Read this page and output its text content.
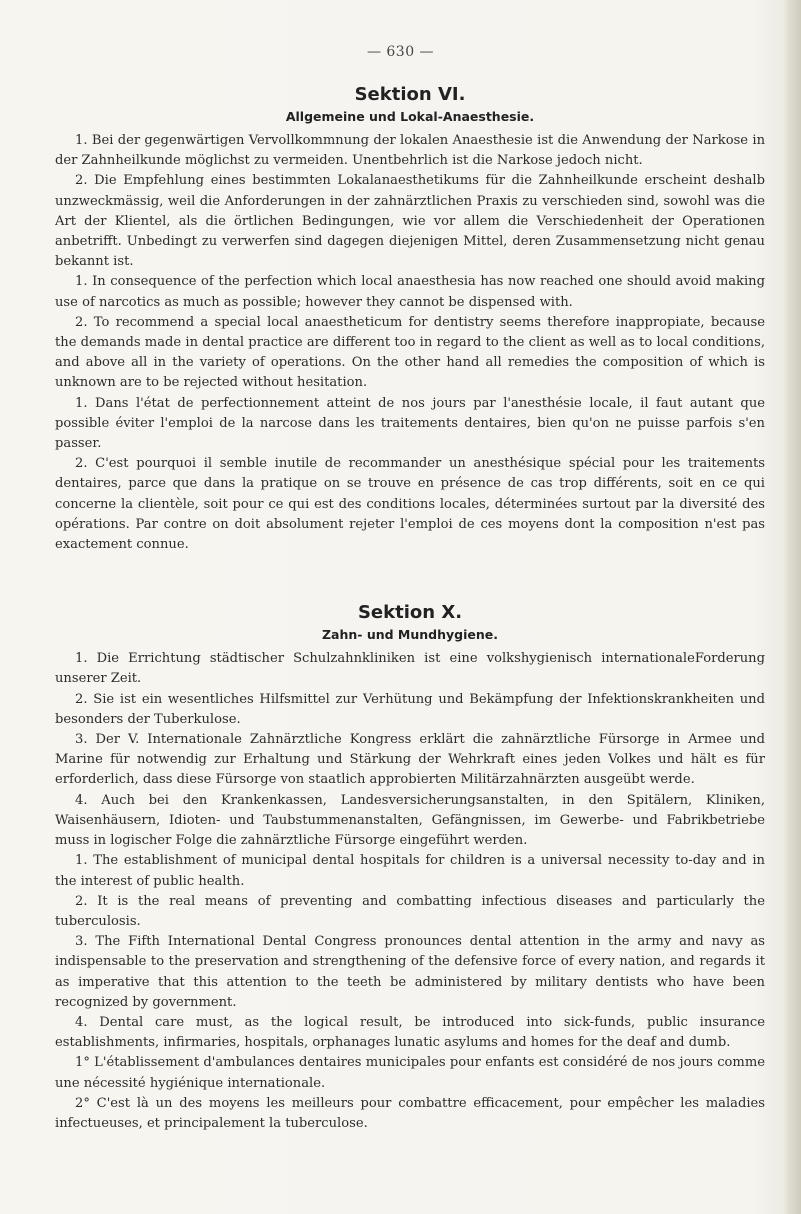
— 630 —
Sektion VI.
Allgemeine und Lokal-Anaesthesie.

1. Bei der gegenwärtigen Vervollkommnung der lokalen Anaesthesie ist die Anwendung der Narkose in der Zahnheilkunde möglichst zu vermeiden. Unentbehrlich ist die Narkose jedoch nicht.

2. Die Empfehlung eines bestimmten Lokalanaesthetikums für die Zahnheilkunde erscheint deshalb unzweckmässig, weil die Anforderungen in der zahnärztlichen Praxis zu verschieden sind, sowohl was die Art der Klientel, als die örtlichen Bedingungen, wie vor allem die Verschiedenheit der Operationen anbetrifft. Unbedingt zu verwerfen sind dagegen diejenigen Mittel, deren Zusammensetzung nicht genau bekannt ist.

1. In consequence of the perfection which local anaesthesia has now reached one should avoid making use of narcotics as much as possible; however they cannot be dispensed with.

2. To recommend a special local anaestheticum for dentistry seems therefore inappropiate, because the demands made in dental practice are different too in regard to the client as well as to local conditions, and above all in the variety of operations. On the other hand all remedies the composition of which is unknown are to be rejected without hesitation.

1. Dans l'état de perfectionnement atteint de nos jours par l'anesthésie locale, il faut autant que possible éviter l'emploi de la narcose dans les traitements dentaires, bien qu'on ne puisse parfois s'en passer.

2. C'est pourquoi il semble inutile de recommander un anesthésique spécial pour les traitements dentaires, parce que dans la pratique on se trouve en présence de cas trop différents, soit en ce qui concerne la clientèle, soit pour ce qui est des conditions locales, déterminées surtout par la diversité des opérations. Par contre on doit absolument rejeter l'emploi de ces moyens dont la composition n'est pas exactement connue.

Sektion X.
Zahn- und Mundhygiene.

1. Die Errichtung städtischer Schulzahnkliniken ist eine volkshygienisch internationaleForderung unserer Zeit.

2. Sie ist ein wesentliches Hilfsmittel zur Verhütung und Bekämpfung der Infektionskrankheiten und besonders der Tuberkulose.

3. Der V. Internationale Zahnärztliche Kongress erklärt die zahnärztliche Fürsorge in Armee und Marine für notwendig zur Erhaltung und Stärkung der Wehrkraft eines jeden Volkes und hält es für erforderlich, dass diese Fürsorge von staatlich approbierten Militärzahnärzten ausgeübt werde.

4. Auch bei den Krankenkassen, Landesversicherungsanstalten, in den Spitälern, Kliniken, Waisenhäusern, Idioten- und Taubstummenanstalten, Gefängnissen, im Gewerbe- und Fabrikbetriebe muss in logischer Folge die zahnärztliche Fürsorge eingeführt werden.

1. The establishment of municipal dental hospitals for children is a universal necessity to-day and in the interest of public health.

2. It is the real means of preventing and combatting infectious diseases and particularly the tuberculosis.

3. The Fifth International Dental Congress pronounces dental attention in the army and navy as indispensable to the preservation and strengthening of the defensive force of every nation, and regards it as imperative that this attention to the teeth be administered by military dentists who have been recognized by government.

4. Dental care must, as the logical result, be introduced into sick-funds, public insurance establishments, infirmaries, hospitals, orphanages lunatic asylums and homes for the deaf and dumb.

1° L'établissement d'ambulances dentaires municipales pour enfants est considéré de nos jours comme une nécessité hygiénique internationale.

2° C'est là un des moyens les meilleurs pour combattre efficacement, pour empêcher les maladies infectueuses, et principalement la tuberculose.
